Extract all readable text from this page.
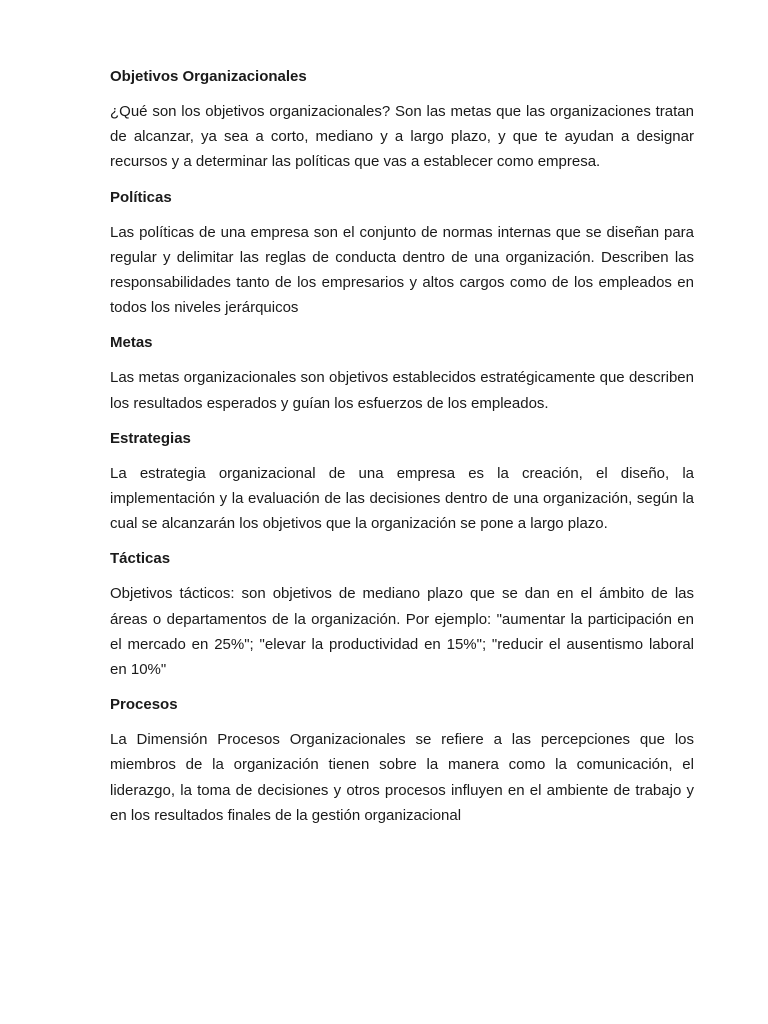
Objetivos Organizacionales
¿Qué son los objetivos organizacionales? Son las metas que las organizaciones tratan de alcanzar, ya sea a corto, mediano y a largo plazo, y que te ayudan a designar recursos y a determinar las políticas que vas a establecer como empresa.
Políticas
Las políticas de una empresa son el conjunto de normas internas que se diseñan para regular y delimitar las reglas de conducta dentro de una organización. Describen las responsabilidades tanto de los empresarios y altos cargos como de los empleados en todos los niveles jerárquicos
Metas
Las metas organizacionales son objetivos establecidos estratégicamente que describen los resultados esperados y guían los esfuerzos de los empleados.
Estrategias
La estrategia organizacional de una empresa es la creación, el diseño, la implementación y la evaluación de las decisiones dentro de una organización, según la cual se alcanzarán los objetivos que la organización se pone a largo plazo.
Tácticas
Objetivos tácticos: son objetivos de mediano plazo que se dan en el ámbito de las áreas o departamentos de la organización. Por ejemplo: "aumentar la participación en el mercado en 25%"; "elevar la productividad en 15%"; "reducir el ausentismo laboral en 10%"
Procesos
La Dimensión Procesos Organizacionales se refiere a las percepciones que los miembros de la organización tienen sobre la manera como la comunicación, el liderazgo, la toma de decisiones y otros procesos influyen en el ambiente de trabajo y en los resultados finales de la gestión organizacional
